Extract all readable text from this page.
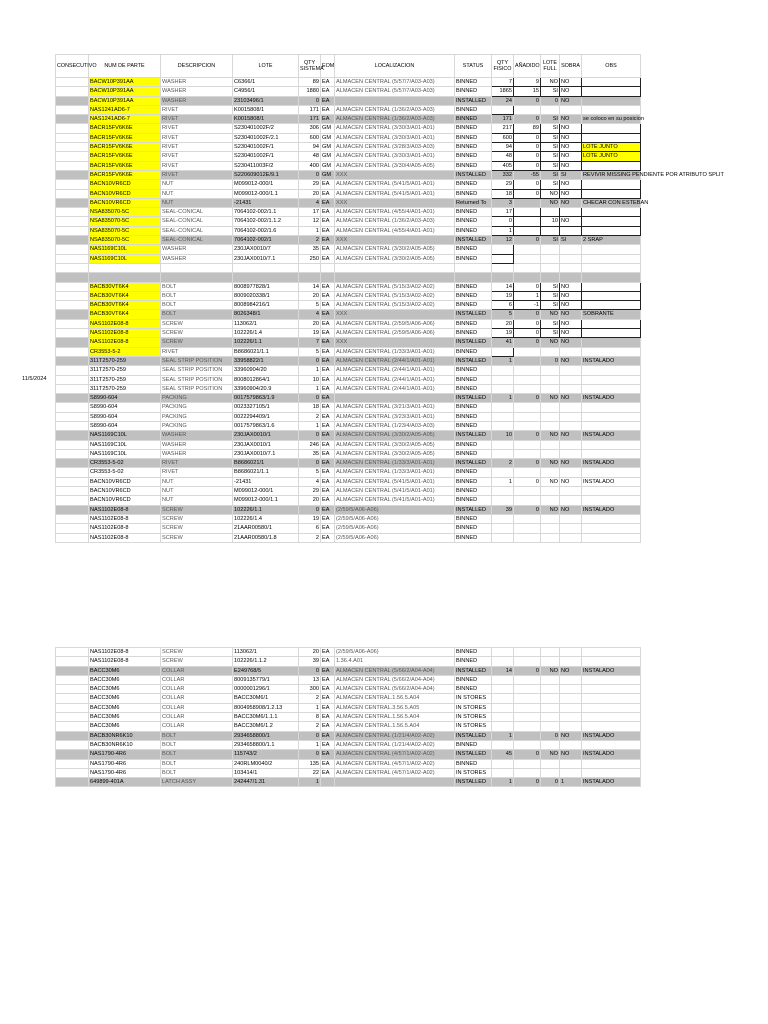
11/5/2024
CONSECUTIVO	NUM DE PARTE	DESCRIPCION	LOTE	QTY SISTEMA	EOM	LOCALIZACION	STATUS	QTY FISICO	AÑADIDO	LOTE FULL	SOBRA	OBS
	BACW10P391AA	WASHER	C6366/1	89	EA	ALMACEN CENTRAL (5/57/7/A03-A03)	BINNED	7	9	NO	NO	
	BACW10P391AA	WASHER	C4956/1	1880	EA	ALMACEN CENTRAL (5/57/7/A03-A03)	BINNED	1865	15	SI	NO	
	BACW10P391AA	WASHER	23103496/1	0	EA		INSTALLED	24	0	0	NO	
	NAS1241AD6-7	RIVET	K0015808/1	171	EA	ALMACEN CENTRAL (1/36/2/A03-A03)	BINNED					
	NAS1241AD6-7	RIVET	K0015808/1	171	EA	ALMACEN CENTRAL (1/36/2/A03-A03)	BINNED	171	0	SI	NO	se coloco en su posicion
	BACR15FV6K6E	RIVET	S230401002F/2	306	GM	ALMACEN CENTRAL (3/30/3/A01-A01)	BINNED	217	89	SI	NO	
	BACR15FV6K6E	RIVET	S230401002F/2.1	600	GM	ALMACEN CENTRAL (3/30/3/A01-A01)	BINNED	600	0	SI	NO	
	BACR15FV6K6E	RIVET	S230401002F/1	94	GM	ALMACEN CENTRAL (3/28/3/A03-A03)	BINNED	94	0	SI	NO	LOTE JUNTO
	BACR15FV6K6E	RIVET	S230401002F/1	48	GM	ALMACEN CENTRAL (3/30/3/A01-A01)	BINNED	48	0	SI	NO	LOTE JUNTO
	BACR15FV6K6E	RIVET	S230411003F/2	400	GM	ALMACEN CENTRAL (3/30/4/A05-A05)	BINNED	405	0	SI	NO	
	BACR15FV6K6E	RIVET	S220609012E/9.1	0	GM	XXX	INSTALLED	332	-55	SI	SI	REVIVIR MISSING PENDIENTE POR ATRIBUTO SPLIT
	BACN10VR6CD	NUT	M099012-000/1	29	EA	ALMACEN CENTRAL (5/41/5/A01-A01)	BINNED	29	0	SI	NO	
	BACN10VR6CD	NUT	M099012-000/1.1	20	EA	ALMACEN CENTRAL (5/41/5/A01-A01)	BINNED	18	0	NO	NO	
	BACN10VR6CD	NUT	-21431	4	EA	XXX	Returned To	3		NO	NO	CHECAR CON ESTEBAN
	NSA835070-5C	SEAL-CONICAL	7064102-002/1.1	17	EA	ALMACEN CENTRAL (4/55/4/A01-A01)	BINNED	17				
	NSA835070-5C	SEAL-CONICAL	7064102-002/1.1.2	12	EA	ALMACEN CENTRAL (1/36/2/A03-A03)	BINNED	0		10	NO	
	NSA835070-5C	SEAL-CONICAL	7064102-002/1.6	1	EA	ALMACEN CENTRAL (4/55/4/A01-A01)	BINNED	1				
	NSA835070-5C	SEAL-CONICAL	7064102-002/1	2	EA	XXX	INSTALLED	12	0	SI	SI	2 SRAP
	NAS1169C10L	WASHER	230JAX0010/7	35	EA	ALMACEN CENTRAL (3/30/2/A05-A05)	BINNED					
	NAS1169C10L	WASHER	230JAX0010/7.1	250	EA	ALMACEN CENTRAL (3/30/2/A05-A05)	BINNED					

	BACB30VT6K4	BOLT	8008977828/1	14	EA	ALMACEN CENTRAL (5/15/3/A02-A02)	BINNED	14	0	SI	NO	
	BACB30VT6K4	BOLT	8009020338/1	20	EA	ALMACEN CENTRAL (5/15/3/A02-A02)	BINNED	19	1	SI	NO	
	BACB30VT6K4	BOLT	8008984216/1	5	EA	ALMACEN CENTRAL (5/15/3/A02-A02)	BINNED	6	-1	SI	NO	
	BACB30VT6K4	BOLT	8026348/1	4	EA	XXX	INSTALLED	5	0	NO	NO	SOBRANTE
	NAS1102E08-8	SCREW	113062/1	20	EA	ALMACEN CENTRAL (2/59/5/A06-A06)	BINNED	20	0	SI	NO	
	NAS1102E08-8	SCREW	102226/1.4	19	EA	ALMACEN CENTRAL (2/59/5/A06-A06)	BINNED	19	0	SI	NO	
	NAS1102E08-8	SCREW	102226/1.1	7	EA	XXX	INSTALLED	41	0	NO	NO	
	CR3553-5-2	RIVET	B8686021/1.1	5	EA	ALMACEN CENTRAL (1/33/3/A01-A01)	BINNED					
	311T2570-259	SEAL STRIP POSITION	33958822/1	0	EA	ALMACEN CENTRAL (2/44/1/A01-A01)	INSTALLED	1		0	NO	INSTALADO
	311T2570-259	SEAL STRIP POSITION	33960904/20	1	EA	ALMACEN CENTRAL (2/44/1/A01-A01)	BINNED					
	311T2570-259	SEAL STRIP POSITION	8008012864/1	10	EA	ALMACEN CENTRAL (2/44/1/A01-A01)	BINNED					
	311T2570-259	SEAL STRIP POSITION	33960904/20.9	1	EA	ALMACEN CENTRAL (2/44/1/A01-A01)	BINNED					
	S8990-604	PACKING	0017579863/1.9	0	EA		INSTALLED	1	0	NO	NO	INSTALADO
	S8990-604	PACKING	0023327105/1	18	EA	ALMACEN CENTRAL (3/21/3/A01-A01)	BINNED					
	S8990-604	PACKING	0022294409/1	2	EA	ALMACEN CENTRAL (3/23/3/A01-A01)	BINNED					
	S8990-604	PACKING	0017579863/1.6	1	EA	ALMACEN CENTRAL (1/23/4/A03-A03)	BINNED					
	NAS1169C10L	WASHER	230JAX0010/1	0	EA	ALMACEN CENTRAL (3/30/2/A05-A05)	INSTALLED	10	0	NO	NO	INSTALADO
	NAS1169C10L	WASHER	230JAX0010/1	246	EA	ALMACEN CENTRAL (3/30/2/A05-A05)	BINNED					
	NAS1169C10L	WASHER	230JAX0010/7.1	35	EA	ALMACEN CENTRAL (3/30/2/A05-A05)	BINNED					
	CR3553-5-02	RIVET	B8686021/1	0	EA	ALMACEN CENTRAL (1/33/3/A01-A01)	INSTALLED	2	0	NO	NO	INSTALADO
	CR3553-5-02	RIVET	B8686021/1.1	5	EA	ALMACEN CENTRAL (1/33/3/A01-A01)	BINNED					
	BACN10VR6CD	NUT	-21431	4	EA	ALMACEN CENTRAL (5/41/5/A01-A01)	BINNED	1	0	NO	NO	INSTALADO
	BACN10VR6CD	NUT	M099012-000/1	29	EA	ALMACEN CENTRAL (5/41/5/A01-A01)	BINNED					
	BACN10VR6CD	NUT	M099012-000/1.1	20	EA	ALMACEN CENTRAL (5/41/5/A01-A01)	BINNED					
	NAS1102E08-8	SCREW	102226/1.1	0	EA	(2/59/5/A06-A06)	INSTALLED	39	0	NO	NO	INSTALADO
	NAS1102E08-8	SCREW	102226/1.4	19	EA	(2/59/5/A06-A06)	BINNED					
	NAS1102E08-8	SCREW	21AAR00580/1	6	EA	(2/59/5/A06-A06)	BINNED					
	NAS1102E08-8	SCREW	21AAR00580/1.8	2	EA	(2/59/5/A06-A06)	BINNED					
	NAS1102E08-8	SCREW	113062/1	20	EA	(2/59/5/A06-A06)	BINNED					
	NAS1102E08-8	SCREW	102226/1.1.2	39	EA	1.36.4.A01	BINNED					
	BACC30M6	COLLAR	E249768/5	0	EA	ALMACEN CENTRAL (5/66/2/A04-A04)	INSTALLED	14	0	NO	NO	INSTALADO
	BACC30M6	COLLAR	8009135779/1	13	EA	ALMACEN CENTRAL (5/66/2/A04-A04)	BINNED					
	BACC30M6	COLLAR	0000001296/1	300	EA	ALMACEN CENTRAL (5/66/2/A04-A04)	BINNED					
	BACC30M6	COLLAR	BACC30M6/1	2	EA	ALMACEN CENTRAL.1.56.5.A04	IN STORES					
	BACC30M6	COLLAR	8004958908/1.2.13	1	EA	ALMACEN CENTRAL.3.56.5.A05	IN STORES					
	BACC30M6	COLLAR	BACC30M6/1.1.1	8	EA	ALMACEN CENTRAL.1.56.5.A04	IN STORES					
	BACC30M6	COLLAR	BACC30M6/1.2	2	EA	ALMACEN CENTRAL.1.56.5.A04	IN STORES					
	BACB30NR6K10	BOLT	2934658800/1	0	EA	ALMACEN CENTRAL (1/21/4/A02-A02)	INSTALLED	1		0	NO	INSTALADO
	BACB30NR6K10	BOLT	2934658800/1.1	1	EA	ALMACEN CENTRAL (1/21/4/A02-A02)	BINNED					
	NAS1790-4R6	BOLT	115743/2	0	EA	ALMACEN CENTRAL (4/57/1/A02-A02)	INSTALLED	45	0	NO	NO	INSTALADO
	NAS1790-4R6	BOLT	240RLM0040/2	135	EA	ALMACEN CENTRAL (4/57/1/A02-A02)	BINNED					
	NAS1790-4R6	BOLT	103414/1	22	EA	ALMACEN CENTRAL (4/57/1/A02-A02)	IN STORES					
	649899-401A	LATCH ASSY	242447/1.31	1			INSTALLED	1	0	0	1	INSTALADO
